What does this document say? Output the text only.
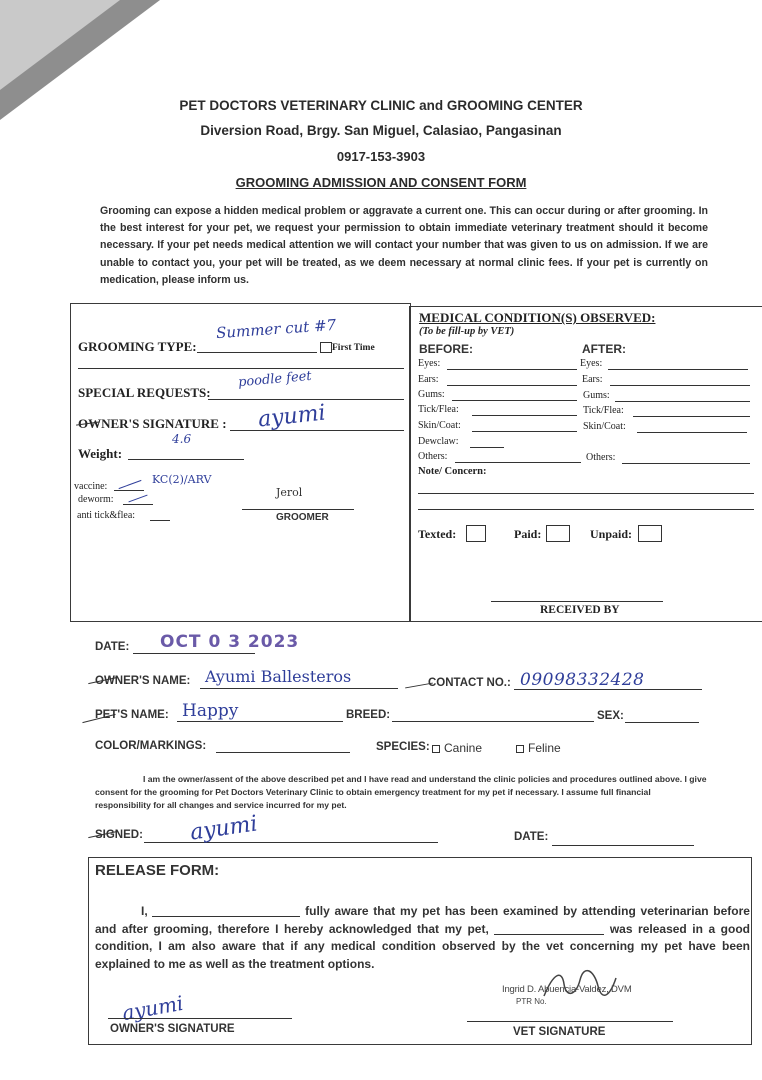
PET DOCTORS VETERINARY CLINIC and GROOMING CENTER
Diversion Road, Brgy. San Miguel, Calasiao, Pangasinan
0917-153-3903
GROOMING ADMISSION AND CONSENT FORM
Grooming can expose a hidden medical problem or aggravate a current one. This can occur during or after grooming. In the best interest for your pet, we request your permission to obtain immediate veterinary treatment should it become necessary. If your pet needs medical attention we will contact your number that was given to us on admission. If we are unable to contact you, your pet will be treated, as we deem necessary at normal clinic fees. If your pet is currently on medication, please inform us.
GROOMING TYPE:
Summer cut #7
First Time
SPECIAL REQUESTS:
poodle feet
OWNER'S SIGNATURE : ayumi
4.6
Weight:
vaccine:
KC(2)/ARV
deworm:
anti tick&flea:
Jerol
GROOMER
MEDICAL CONDITION(S) OBSERVED:
(To be fill-up by VET)
BEFORE:	AFTER:
Eyes:	Eyes:
Ears:	Ears:
Gums:	Gums:
Tick/Flea:	Tick/Flea:
Skin/Coat:	Skin/Coat:
Dewclaw:
Others:	Others:
Note/ Concern:
Texted:	Paid:	Unpaid:
RECEIVED BY
DATE: OCT 0 3 2023
OWNER'S NAME: Ayumi Ballesteros	CONTACT NO.: 09098332428
PET'S NAME: Happy	BREED:	SEX:
COLOR/MARKINGS:	SPECIES: Canine	Feline
I am the owner/assent of the above described pet and I have read and understand the clinic policies and procedures outlined above. I give consent for the grooming for Pet Doctors Veterinary Clinic to obtain emergency treatment for my pet if necessary. I assume full financial responsibility for all changes and service incurred for my pet.
SIGNED: ayumi	DATE:
RELEASE FORM:
I,	fully aware that my pet has been examined by attending veterinarian before and after grooming, therefore I hereby acknowledged that my pet,	was released in a good condition, I am also aware that if any medical condition observed by the vet concerning my pet have been explained to me as well as the treatment options.
ayumi
OWNER'S SIGNATURE
Ingrid D. Abuencia-Valdez, DVM
PTR No.
VET SIGNATURE
